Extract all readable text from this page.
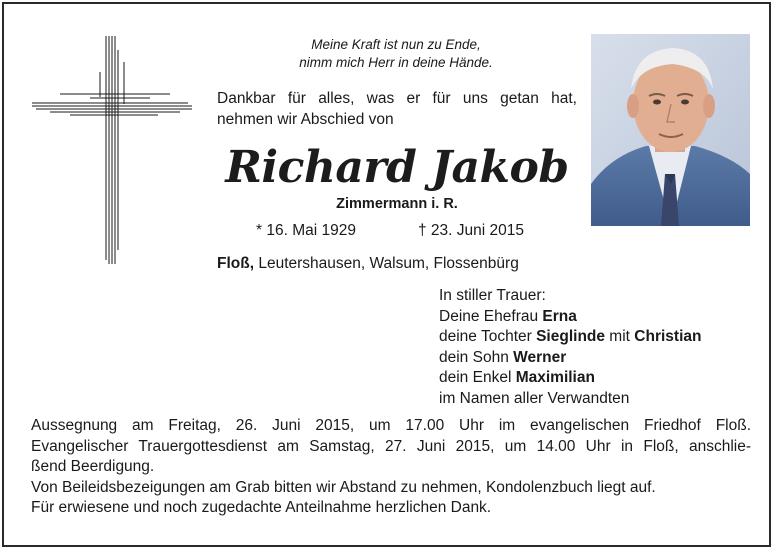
Meine Kraft ist nun zu Ende,
nimm mich Herr in deine Hände.
Dankbar für alles, was er für uns getan hat,
nehmen wir Abschied von
Richard Jakob
Zimmermann i. R.
* 16. Mai 1929	† 23. Juni 2015
Floß, Leutershausen, Walsum, Flossenbürg
In stiller Trauer:
Deine Ehefrau Erna
deine Tochter Sieglinde mit Christian
dein Sohn Werner
dein Enkel Maximilian
im Namen aller Verwandten
Aussegnung am Freitag, 26. Juni 2015, um 17.00 Uhr im evangelischen Friedhof Floß.
Evangelischer Trauergottesdienst am Samstag, 27. Juni 2015, um 14.00 Uhr in Floß, anschlie-
ßend Beerdigung.
Von Beileidsbezeigungen am Grab bitten wir Abstand zu nehmen, Kondolenzbuch liegt auf.
Für erwiesene und noch zugedachte Anteilnahme herzlichen Dank.
